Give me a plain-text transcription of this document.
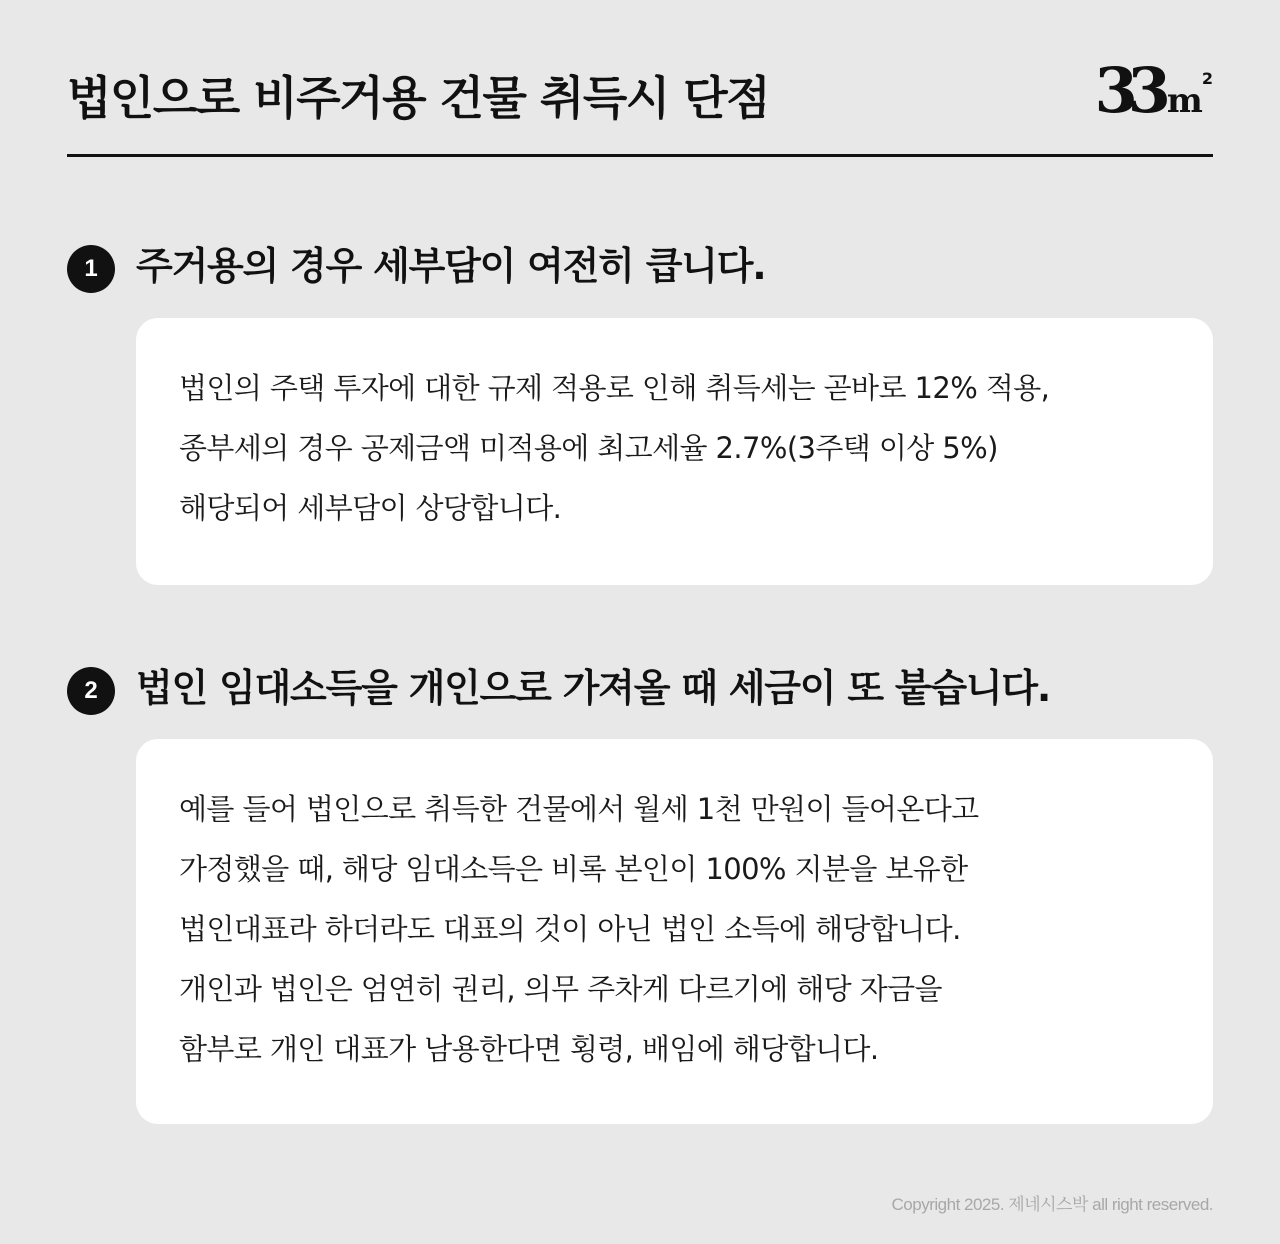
법인으로 비주거용 건물 취득시 단점	33 m2
1	주거용의 경우 세부담이 여전히 큽니다.

법인의 주택 투자에 대한 규제 적용로 인해 취득세는 곧바로 12% 적용,

종부세의 경우 공제금액 미적용에 최고세율 2.7%(3주택 이상 5%)

해당되어 세부담이 상당합니다.

2	법인 임대소득을 개인으로 가져올 때 세금이 또 붙습니다.

예를 들어 법인으로 취득한 건물에서 월세 1천 만원이 들어온다고

가정했을 때, 해당 임대소득은 비록 본인이 100% 지분을 보유한

법인대표라 하더라도 대표의 것이 아닌 법인 소득에 해당합니다.

개인과 법인은 엄연히 권리, 의무 주차게 다르기에 해당 자금을

함부로 개인 대표가 남용한다면 횡령, 배임에 해당합니다.

Copyright 2025. 제네시스박 all right reserved.
